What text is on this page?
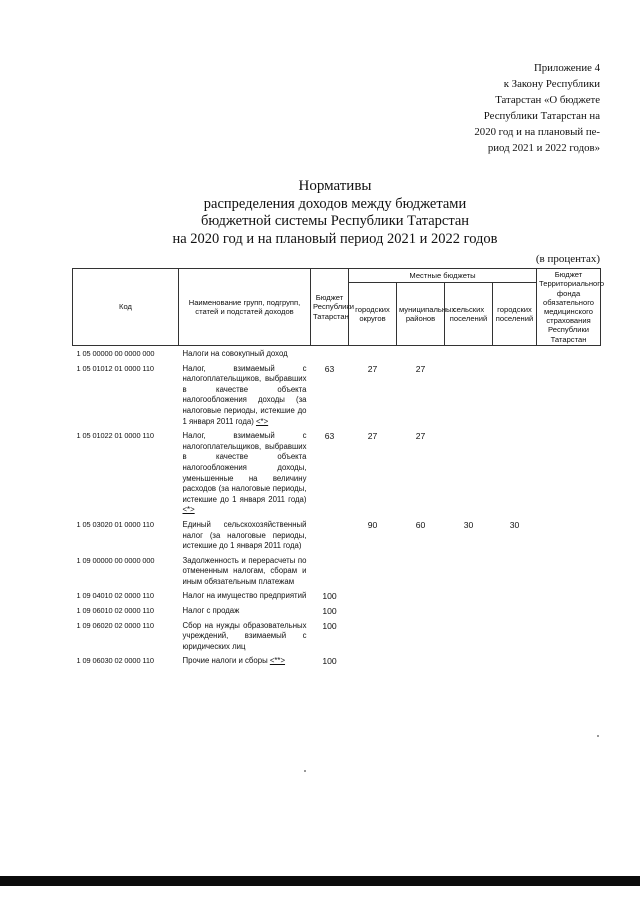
Приложение 4
к Закону Республики
Татарстан «О бюджете
Республики Татарстан на
2020 год и на плановый пе-
риод 2021 и 2022 годов»
Нормативы
распределения доходов между бюджетами
бюджетной системы Республики Татарстан
на 2020 год и на плановый период 2021 и 2022 годов
(в процентах)
Код	Наименование групп, подгрупп, статей и подстатей доходов	Бюджет Республики Татарстан	Местные бюджеты				Бюджет Территориального фонда обязательного медицинского страхования Республики Татарстан
			городских округов	муниципальных районов	сельских поселений	городских поселений	
1 05 00000 00 0000 000	Налоги на совокупный доход						
1 05 01012 01 0000 110	Налог, взимаемый с налогоплательщиков, выбравших в качестве объекта налогообложения доходы (за налоговые периоды, истекшие до 1 января 2011 года) <*>	63	27	27			
1 05 01022 01 0000 110	Налог, взимаемый с налогоплательщиков, выбравших в качестве объекта налогообложения доходы, уменьшенные на величину расходов (за налоговые периоды, истекшие до 1 января 2011 года) <*>	63	27	27			
1 05 03020 01 0000 110	Единый сельскохозяйственный налог (за налоговые периоды, истекшие до 1 января 2011 года)		90	60	30	30	
1 09 00000 00 0000 000	Задолженность и перерасчеты по отмененным налогам, сборам и иным обязательным платежам						
1 09 04010 02 0000 110	Налог на имущество предприятий	100					
1 09 06010 02 0000 110	Налог с продаж	100					
1 09 06020 02 0000 110	Сбор на нужды образовательных учреждений, взимаемый с юридических лиц	100					
1 09 06030 02 0000 110	Прочие налоги и сборы <**>	100					
